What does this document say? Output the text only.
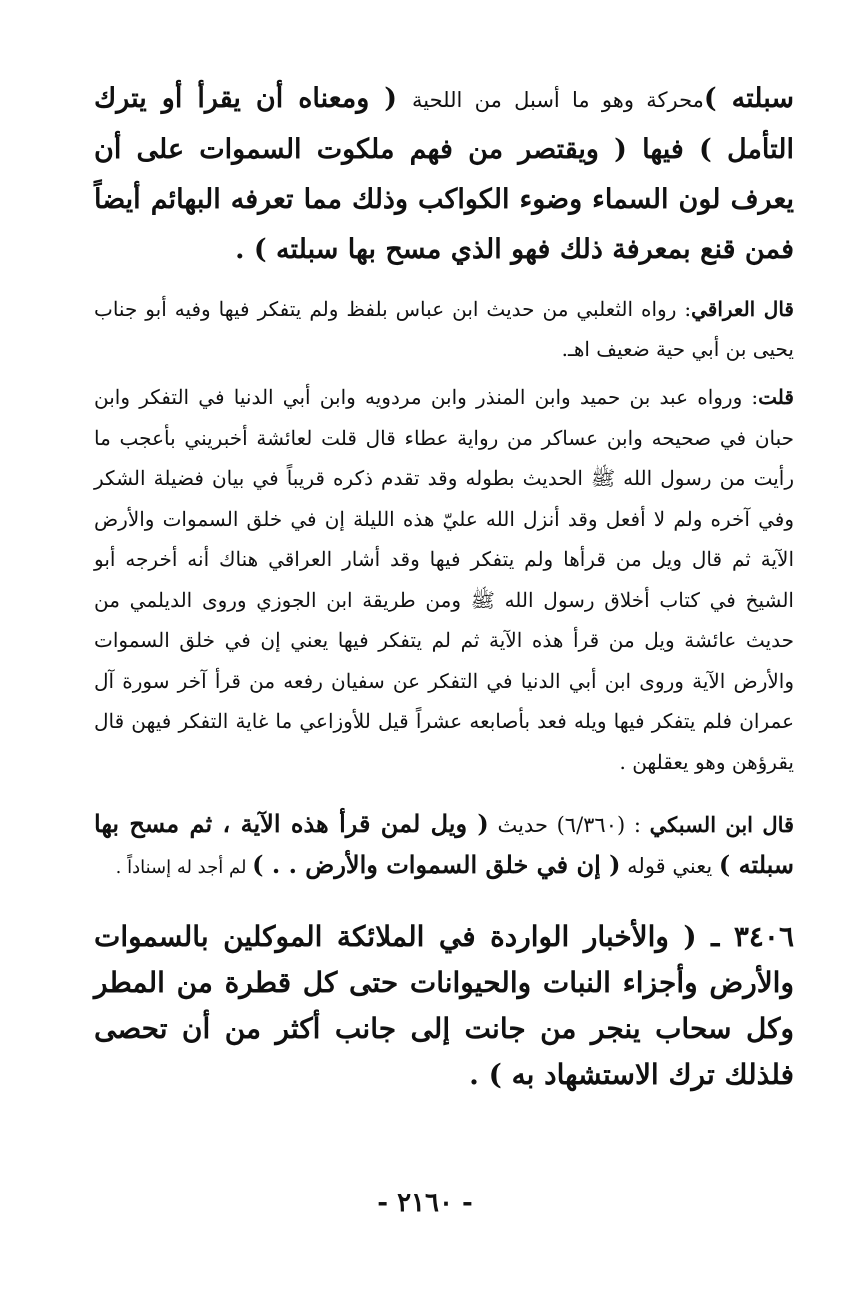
سبلته )محركة وهو ما أسبل من اللحية ( ومعناه أن يقرأ أو يترك التأمل ) فيها ( ويقتصر من فهم ملكوت السموات على أن يعرف لون السماء وضوء الكواكب وذلك مما تعرفه البهائم أيضاً فمن قنع بمعرفة ذلك فهو الذي مسح بها سبلته ) .

قال العراقي: رواه الثعلبي من حديث ابن عباس بلفظ ولم يتفكر فيها وفيه أبو جناب يحيى بن أبي حية ضعيف اهـ.

قلت: ورواه عبد بن حميد وابن المنذر وابن مردويه وابن أبي الدنيا في التفكر وابن حبان في صحيحه وابن عساكر من رواية عطاء قال قلت لعائشة أخبريني بأعجب ما رأيت من رسول الله ﷺ الحديث بطوله وقد تقدم ذكره قريباً في بيان فضيلة الشكر وفي آخره ولم لا أفعل وقد أنزل الله عليّ هذه الليلة إن في خلق السموات والأرض الآية ثم قال ويل من قرأها ولم يتفكر فيها وقد أشار العراقي هناك أنه أخرجه أبو الشيخ في كتاب أخلاق رسول الله ﷺ ومن طريقة ابن الجوزي وروى الديلمي من حديث عائشة ويل من قرأ هذه الآية ثم لم يتفكر فيها يعني إن في خلق السموات والأرض الآية وروى ابن أبي الدنيا في التفكر عن سفيان رفعه من قرأ آخر سورة آل عمران فلم يتفكر فيها ويله فعد بأصابعه عشراً قيل للأوزاعي ما غاية التفكر فيهن قال يقرؤهن وهو يعقلهن .

قال ابن السبكي : (٦/٣٦٠) حديث ( ويل لمن قرأ هذه الآية ، ثم مسح بها سبلته ) يعني قوله ( إن في خلق السموات والأرض . . ) لم أجد له إسناداً .

٣٤٠٦ ـ ( والأخبار الواردة في الملائكة الموكلين بالسموات والأرض وأجزاء النبات والحيوانات حتى كل قطرة من المطر وكل سحاب ينجر من جانت إلى جانب أكثر من أن تحصى فلذلك ترك الاستشهاد به ) .

- ٢١٦٠ -
